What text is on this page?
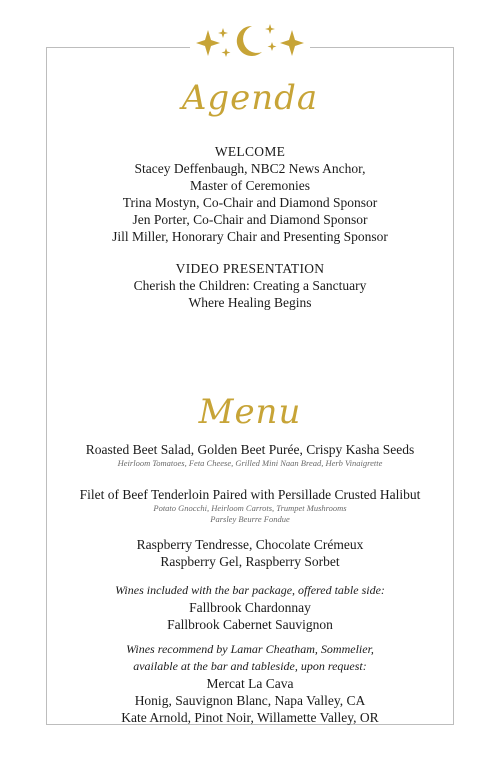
Agenda
WELCOME
Stacey Deffenbaugh, NBC2 News Anchor,
Master of Ceremonies
Trina Mostyn, Co-Chair and Diamond Sponsor
Jen Porter, Co-Chair and Diamond Sponsor
Jill Miller, Honorary Chair and Presenting Sponsor
VIDEO PRESENTATION
Cherish the Children: Creating a Sanctuary
Where Healing Begins
Menu
Roasted Beet Salad, Golden Beet Purée, Crispy Kasha Seeds
Heirloom Tomatoes, Feta Cheese, Grilled Mini Naan Bread, Herb Vinaigrette
Filet of Beef Tenderloin Paired with Persillade Crusted Halibut
Potato Gnocchi, Heirloom Carrots, Trumpet Mushrooms
Parsley Beurre Fondue
Raspberry Tendresse, Chocolate Crémeux
Raspberry Gel, Raspberry Sorbet
Wines included with the bar package, offered table side:
Fallbrook Chardonnay
Fallbrook Cabernet Sauvignon
Wines recommend by Lamar Cheatham, Sommelier,
available at the bar and tableside, upon request:
Mercat La Cava
Honig, Sauvignon Blanc, Napa Valley, CA
Kate Arnold, Pinot Noir, Willamette Valley, OR
